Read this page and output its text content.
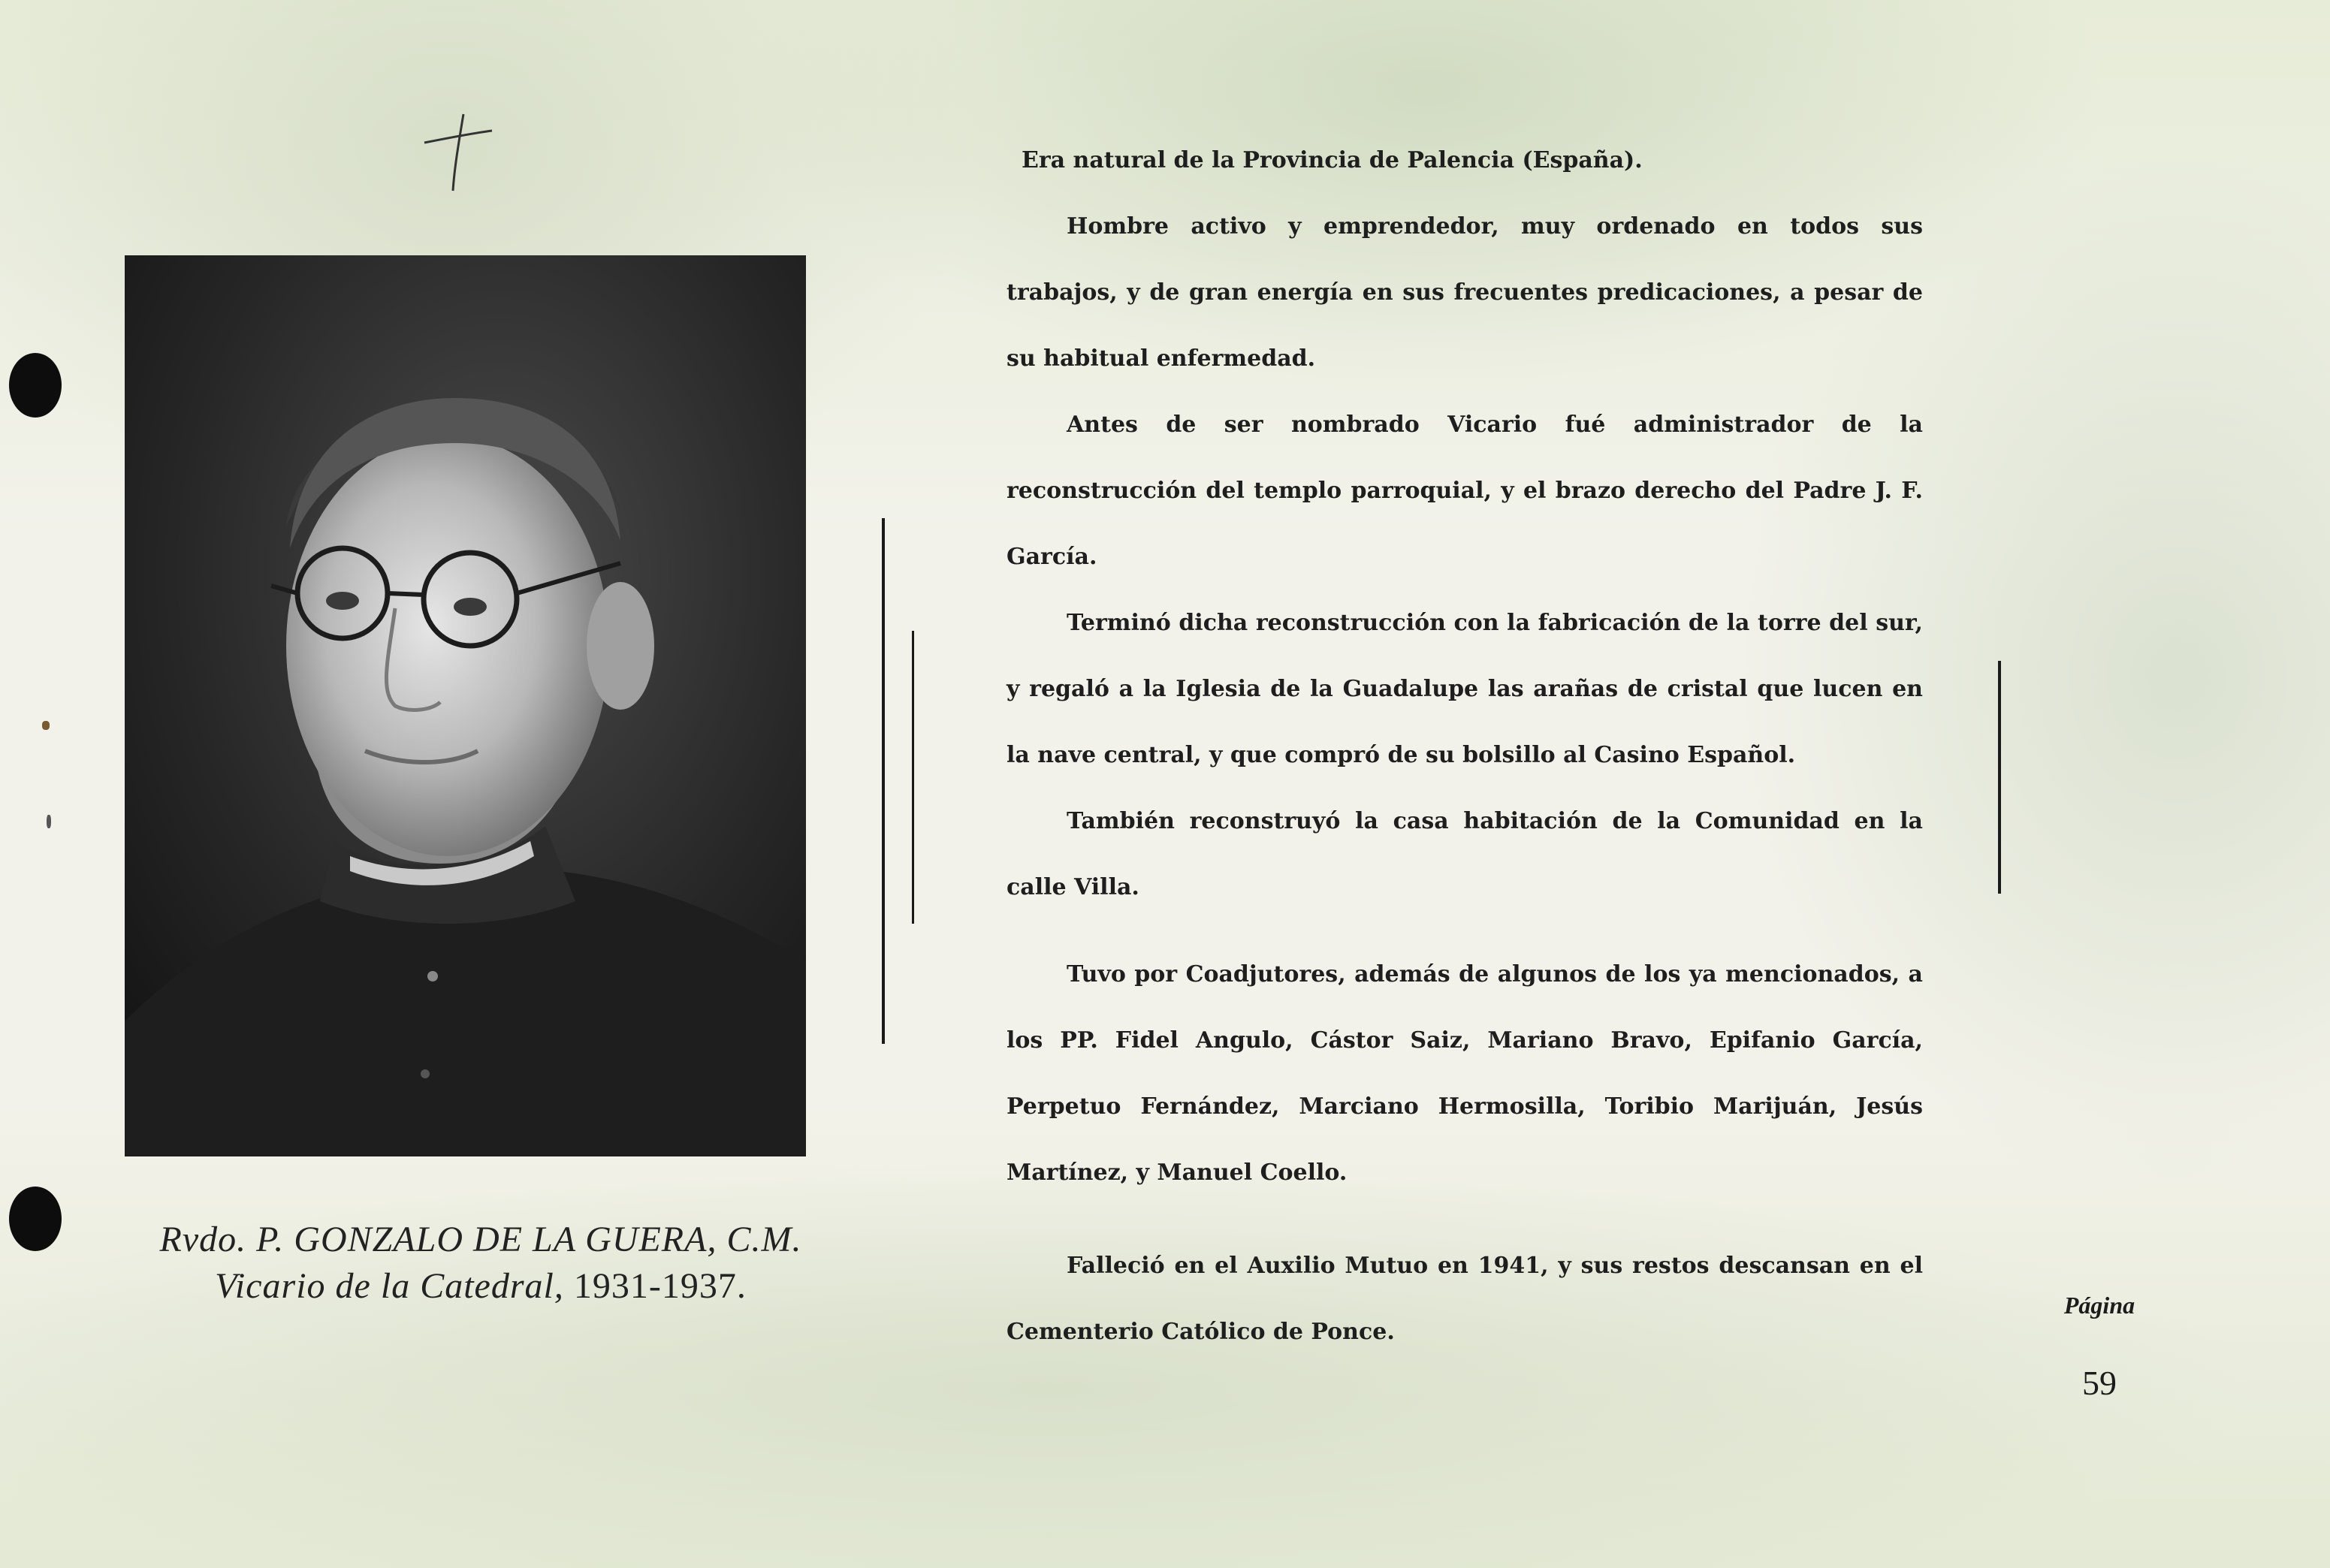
Rvdo. P. GONZALO DE LA GUERA, C.M.
Vicario de la Catedral, 1931-1937.

Era natural de la Provincia de Palencia (España).

Hombre activo y emprendedor, muy ordenado en todos sus trabajos, y de gran energía en sus frecuentes predicaciones, a pesar de su habitual enfermedad.

Antes de ser nombrado Vicario fué administrador de la reconstrucción del templo parroquial, y el brazo derecho del Padre J. F. García.

Terminó dicha reconstrucción con la fabricación de la torre del sur, y regaló a la Iglesia de la Guadalupe las arañas de cristal que lucen en la nave central, y que compró de su bolsillo al Casino Español.

También reconstruyó la casa habitación de la Comunidad en la calle Villa.

Tuvo por Coadjutores, además de algunos de los ya mencionados, a los PP. Fidel Angulo, Cástor Saiz, Mariano Bravo, Epifanio García, Perpetuo Fernández, Marciano Hermosilla, Toribio Marijuán, Jesús Martínez, y Manuel Coello.

Falleció en el Auxilio Mutuo en 1941, y sus restos descansan en el Cementerio Católico de Ponce.

Página
59
